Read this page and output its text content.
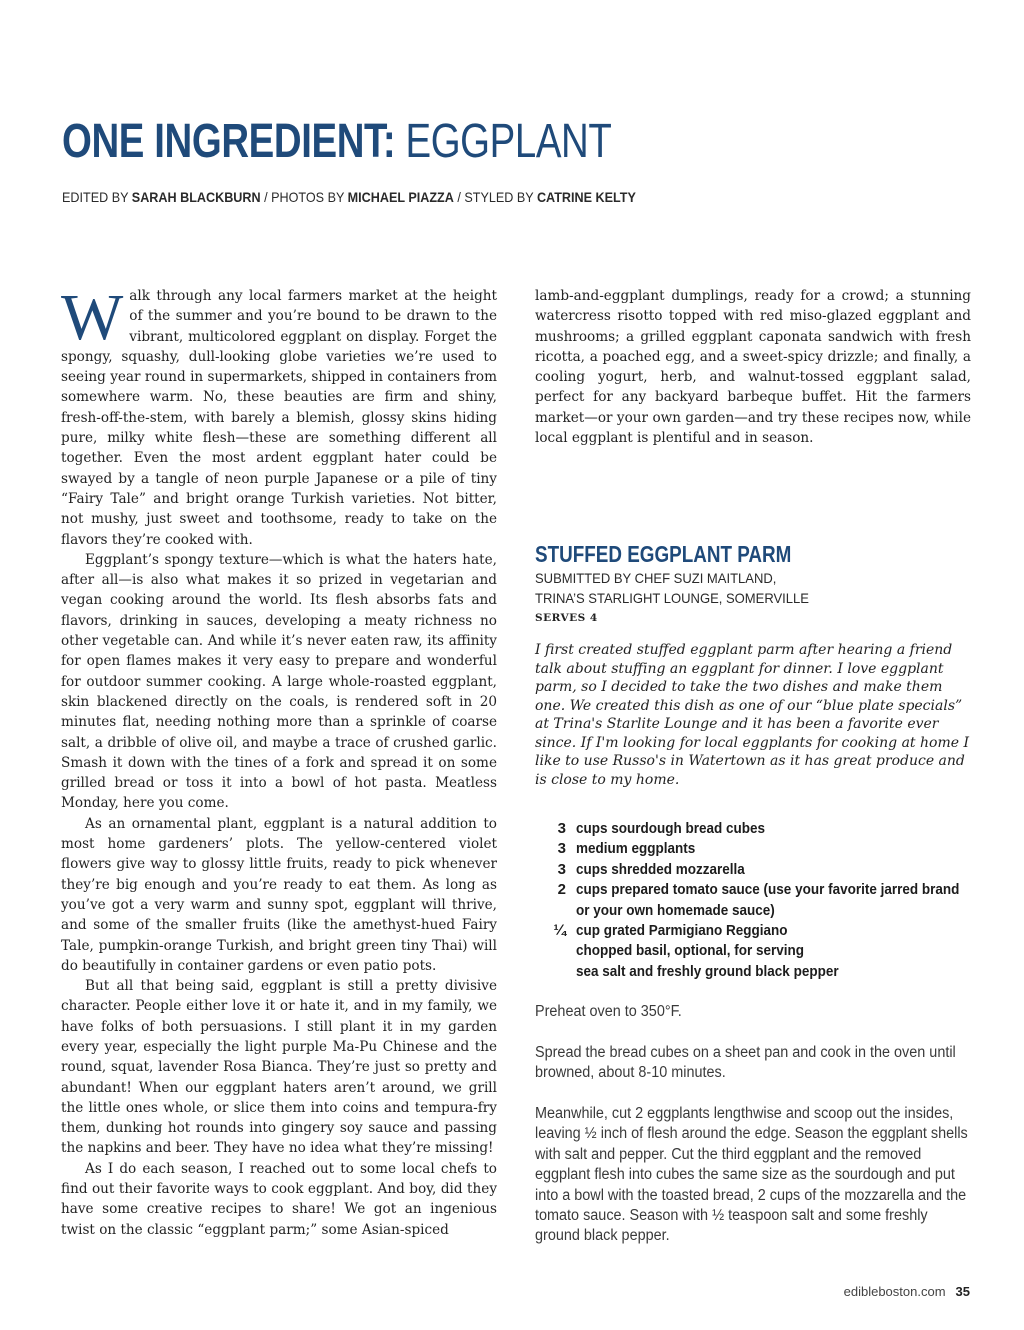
ONE INGREDIENT: EGGPLANT

EDITED BY SARAH BLACKBURN / PHOTOS BY MICHAEL PIAZZA / STYLED BY CATRINE KELTY

Walk through any local farmers market at the height of the summer and you’re bound to be drawn to the vibrant, multicolored eggplant on display. Forget the spongy, squashy, dull-looking globe varieties we’re used to seeing year round in supermarkets, shipped in containers from somewhere warm. No, these beauties are firm and shiny, fresh-off-the-stem, with barely a blemish, glossy skins hiding pure, milky white flesh—these are something different all together. Even the most ardent eggplant hater could be swayed by a tangle of neon purple Japanese or a pile of tiny “Fairy Tale” and bright orange Turkish varieties. Not bitter, not mushy, just sweet and toothsome, ready to take on the flavors they’re cooked with.

Eggplant’s spongy texture—which is what the haters hate, after all—is also what makes it so prized in vegetarian and vegan cooking around the world. Its flesh absorbs fats and flavors, drinking in sauces, developing a meaty richness no other vegetable can. And while it’s never eaten raw, its affinity for open flames makes it very easy to prepare and wonderful for outdoor summer cooking. A large whole-roasted eggplant, skin blackened directly on the coals, is rendered soft in 20 minutes flat, needing nothing more than a sprinkle of coarse salt, a dribble of olive oil, and maybe a trace of crushed garlic. Smash it down with the tines of a fork and spread it on some grilled bread or toss it into a bowl of hot pasta. Meatless Monday, here you come.

As an ornamental plant, eggplant is a natural addition to most home gardeners’ plots. The yellow-centered violet flowers give way to glossy little fruits, ready to pick whenever they’re big enough and you’re ready to eat them. As long as you’ve got a very warm and sunny spot, eggplant will thrive, and some of the smaller fruits (like the amethyst-hued Fairy Tale, pumpkin-orange Turkish, and bright green tiny Thai) will do beautifully in container gardens or even patio pots.

But all that being said, eggplant is still a pretty divisive character. People either love it or hate it, and in my family, we have folks of both persuasions. I still plant it in my garden every year, especially the light purple Ma-Pu Chinese and the round, squat, lavender Rosa Bianca. They’re just so pretty and abundant! When our eggplant haters aren’t around, we grill the little ones whole, or slice them into coins and tempura-fry them, dunking hot rounds into gingery soy sauce and passing the napkins and beer. They have no idea what they’re missing!

As I do each season, I reached out to some local chefs to find out their favorite ways to cook eggplant. And boy, did they have some creative recipes to share! We got an ingenious twist on the classic “eggplant parm;” some Asian-spiced

lamb-and-eggplant dumplings, ready for a crowd; a stunning watercress risotto topped with red miso-glazed eggplant and mushrooms; a grilled eggplant caponata sandwich with fresh ricotta, a poached egg, and a sweet-spicy drizzle; and finally, a cooling yogurt, herb, and walnut-tossed eggplant salad, perfect for any backyard barbeque buffet. Hit the farmers market—or your own garden—and try these recipes now, while local eggplant is plentiful and in season.

STUFFED EGGPLANT PARM

SUBMITTED BY CHEF SUZI MAITLAND,
TRINA’S STARLIGHT LOUNGE, SOMERVILLE

SERVES 4

I first created stuffed eggplant parm after hearing a friend talk about stuffing an eggplant for dinner. I love eggplant parm, so I decided to take the two dishes and make them one. We created this dish as one of our “blue plate specials” at Trina's Starlite Lounge and it has been a favorite ever since. If I'm looking for local eggplants for cooking at home I like to use Russo's in Watertown as it has great produce and is close to my home.

3 cups sourdough bread cubes
3 medium eggplants
3 cups shredded mozzarella
2 cups prepared tomato sauce (use your favorite jarred brand or your own homemade sauce)
¼ cup grated Parmigiano Reggiano
chopped basil, optional, for serving
sea salt and freshly ground black pepper

Preheat oven to 350°F.

Spread the bread cubes on a sheet pan and cook in the oven until browned, about 8-10 minutes.

Meanwhile, cut 2 eggplants lengthwise and scoop out the insides, leaving ½ inch of flesh around the edge. Season the eggplant shells with salt and pepper. Cut the third eggplant and the removed eggplant flesh into cubes the same size as the sourdough and put into a bowl with the toasted bread, 2 cups of the mozzarella and the tomato sauce. Season with ½ teaspoon salt and some freshly ground black pepper.

edibleboston.com 35
